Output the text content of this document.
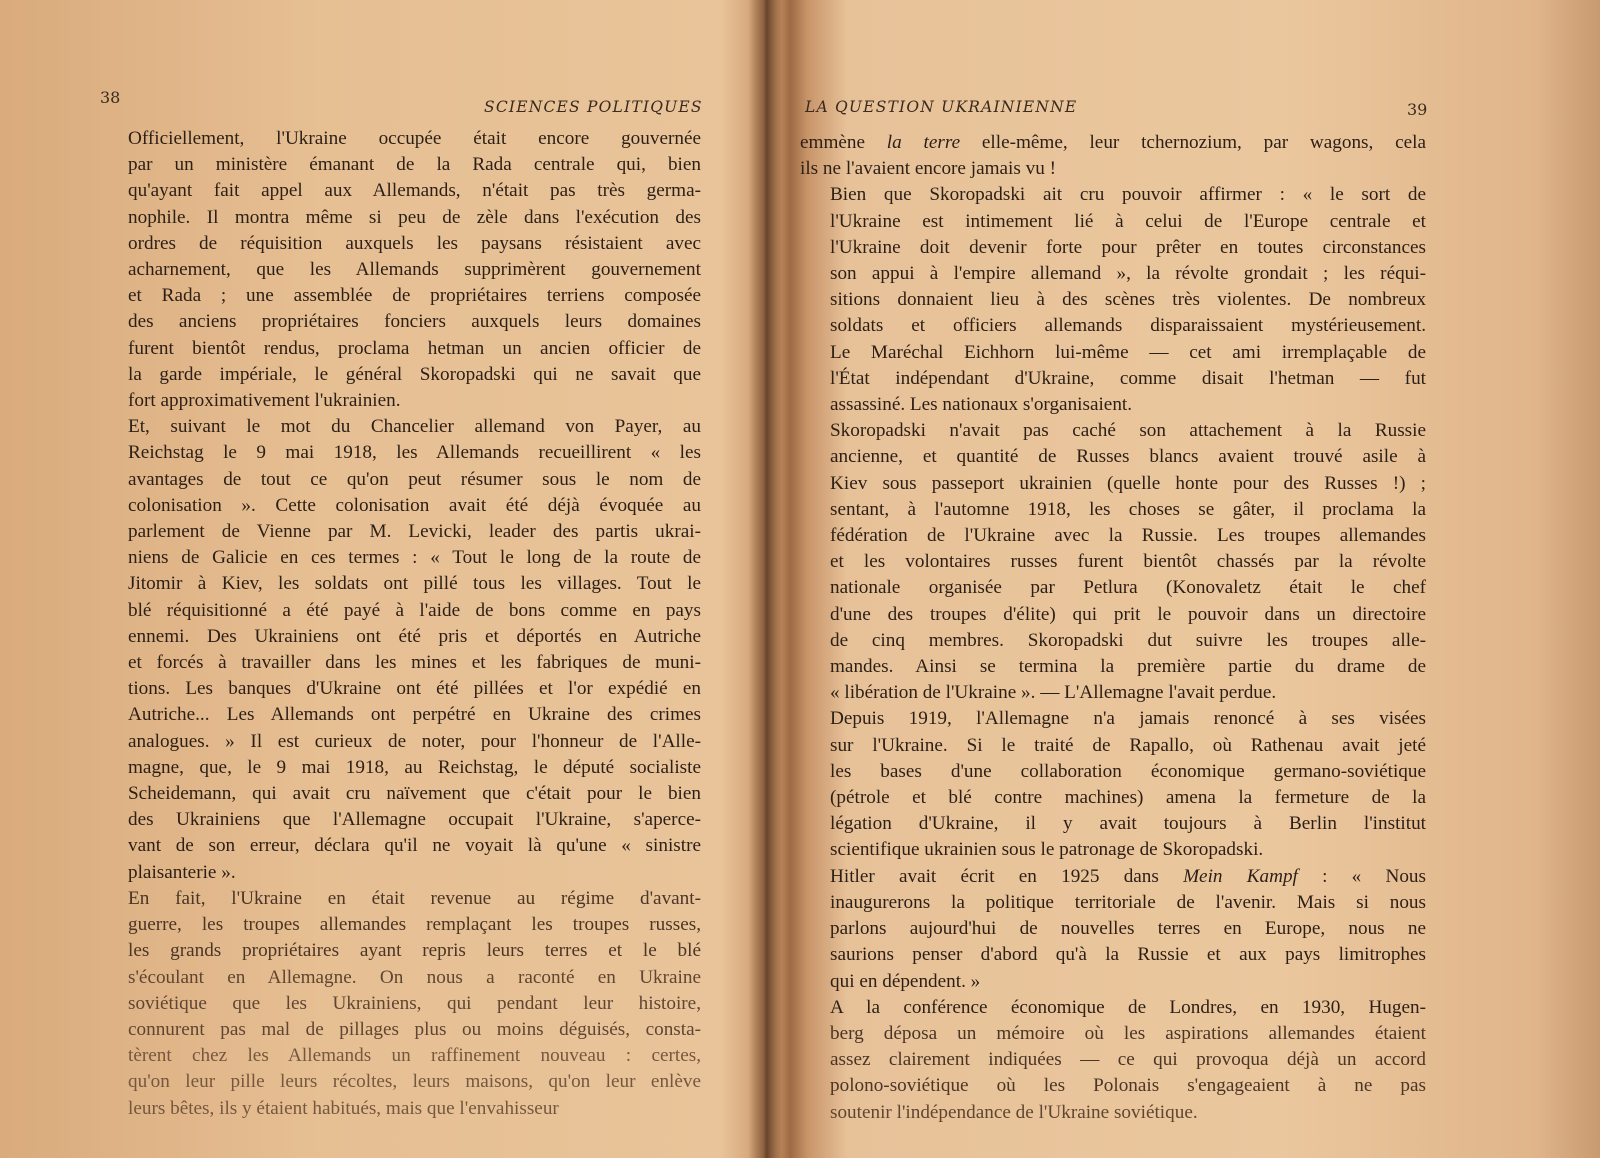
38	SCIENCES POLITIQUES

Officiellement, l'Ukraine occupée était encore gouvernée
par un ministère émanant de la Rada centrale qui, bien
qu'ayant fait appel aux Allemands, n'était pas très germa-
nophile. Il montra même si peu de zèle dans l'exécution des
ordres de réquisition auxquels les paysans résistaient avec
acharnement, que les Allemands supprimèrent gouvernement
et Rada ; une assemblée de propriétaires terriens composée
des anciens propriétaires fonciers auxquels leurs domaines
furent bientôt rendus, proclama hetman un ancien officier de
la garde impériale, le général Skoropadski qui ne savait que
fort approximativement l'ukrainien.

Et, suivant le mot du Chancelier allemand von Payer, au
Reichstag le 9 mai 1918, les Allemands recueillirent « les
avantages de tout ce qu'on peut résumer sous le nom de
colonisation ». Cette colonisation avait été déjà évoquée au
parlement de Vienne par M. Levicki, leader des partis ukrai-
niens de Galicie en ces termes : « Tout le long de la route de
Jitomir à Kiev, les soldats ont pillé tous les villages. Tout le
blé réquisitionné a été payé à l'aide de bons comme en pays
ennemi. Des Ukrainiens ont été pris et déportés en Autriche
et forcés à travailler dans les mines et les fabriques de muni-
tions. Les banques d'Ukraine ont été pillées et l'or expédié en
Autriche... Les Allemands ont perpétré en Ukraine des crimes
analogues. » Il est curieux de noter, pour l'honneur de l'Alle-
magne, que, le 9 mai 1918, au Reichstag, le député socialiste
Scheidemann, qui avait cru naïvement que c'était pour le bien
des Ukrainiens que l'Allemagne occupait l'Ukraine, s'aperce-
vant de son erreur, déclara qu'il ne voyait là qu'une « sinistre
plaisanterie ».

En fait, l'Ukraine en était revenue au régime d'avant-
guerre, les troupes allemandes remplaçant les troupes russes,
les grands propriétaires ayant repris leurs terres et le blé
s'écoulant en Allemagne. On nous a raconté en Ukraine
soviétique que les Ukrainiens, qui pendant leur histoire,
connurent pas mal de pillages plus ou moins déguisés, consta-
tèrent chez les Allemands un raffinement nouveau : certes,
qu'on leur pille leurs récoltes, leurs maisons, qu'on leur enlève
leurs bêtes, ils y étaient habitués, mais que l'envahisseur

LA QUESTION UKRAINIENNE	39

emmène la terre elle-même, leur tchernozium, par wagons, cela
ils ne l'avaient encore jamais vu !

Bien que Skoropadski ait cru pouvoir affirmer : « le sort de
l'Ukraine est intimement lié à celui de l'Europe centrale et
l'Ukraine doit devenir forte pour prêter en toutes circonstances
son appui à l'empire allemand », la révolte grondait ; les réqui-
sitions donnaient lieu à des scènes très violentes. De nombreux
soldats et officiers allemands disparaissaient mystérieusement.
Le Maréchal Eichhorn lui-même — cet ami irremplaçable de
l'État indépendant d'Ukraine, comme disait l'hetman — fut
assassiné. Les nationaux s'organisaient.

Skoropadski n'avait pas caché son attachement à la Russie
ancienne, et quantité de Russes blancs avaient trouvé asile à
Kiev sous passeport ukrainien (quelle honte pour des Russes !) ;
sentant, à l'automne 1918, les choses se gâter, il proclama la
fédération de l'Ukraine avec la Russie. Les troupes allemandes
et les volontaires russes furent bientôt chassés par la révolte
nationale organisée par Petlura (Konovaletz était le chef
d'une des troupes d'élite) qui prit le pouvoir dans un directoire
de cinq membres. Skoropadski dut suivre les troupes alle-
mandes. Ainsi se termina la première partie du drame de
« libération de l'Ukraine ». — L'Allemagne l'avait perdue.

Depuis 1919, l'Allemagne n'a jamais renoncé à ses visées
sur l'Ukraine. Si le traité de Rapallo, où Rathenau avait jeté
les bases d'une collaboration économique germano-soviétique
(pétrole et blé contre machines) amena la fermeture de la
légation d'Ukraine, il y avait toujours à Berlin l'institut
scientifique ukrainien sous le patronage de Skoropadski.

Hitler avait écrit en 1925 dans Mein Kampf : « Nous
inaugurerons la politique territoriale de l'avenir. Mais si nous
parlons aujourd'hui de nouvelles terres en Europe, nous ne
saurions penser d'abord qu'à la Russie et aux pays limitrophes
qui en dépendent. »

A la conférence économique de Londres, en 1930, Hugen-
berg déposa un mémoire où les aspirations allemandes étaient
assez clairement indiquées — ce qui provoqua déjà un accord
polono-soviétique où les Polonais s'engageaient à ne pas
soutenir l'indépendance de l'Ukraine soviétique.
